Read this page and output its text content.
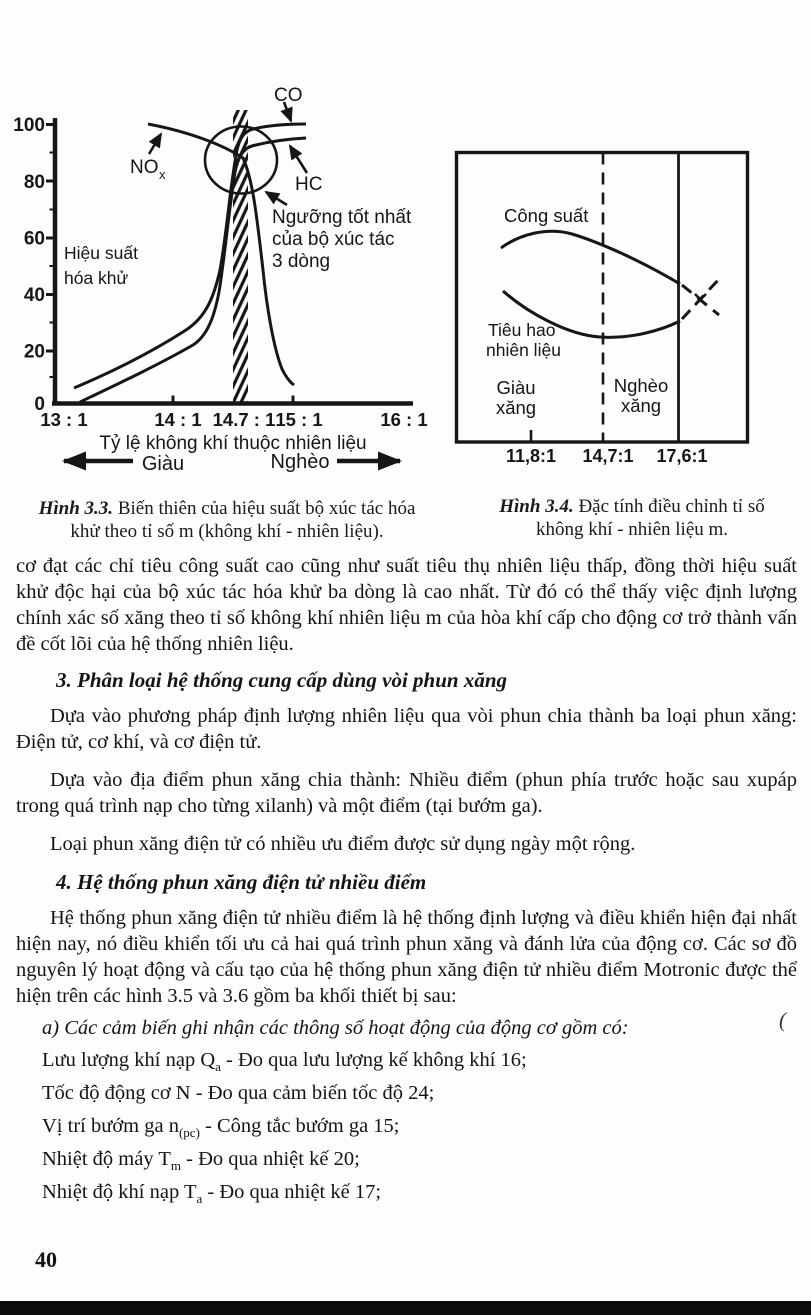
100
80
60
40
20
0
13 : 1	14 : 1 14.7 : 1 15 : 1	16 : 1
Tỷ lệ không khí thuộc nhiên liệu
Giàu	Nghèo
Hiệu suất
hóa khử
NO x
CO
HC
Ngưỡng tốt nhất
của bộ xúc tác
3 dòng
Công suất
Tiêu hao
nhiên liệu
Giàu
xăng
Nghèo
xăng
11,8:1 14,7:1 17,6:1
Hình 3.3. Biến thiên của hiệu suất bộ xúc tác hóa
khử theo tỉ số m (không khí - nhiên liệu).
Hình 3.4. Đặc tính điều chỉnh tỉ số
không khí - nhiên liệu m.
cơ đạt các chỉ tiêu công suất cao cũng như suất tiêu thụ nhiên liệu thấp, đồng thời hiệu suất khử độc hại của bộ xúc tác hóa khử ba dòng là cao nhất. Từ đó có thể thấy việc định lượng chính xác số xăng theo tỉ số không khí nhiên liệu m của hòa khí cấp cho động cơ trở thành vấn đề cốt lõi của hệ thống nhiên liệu.
3. Phân loại hệ thống cung cấp dùng vòi phun xăng
Dựa vào phương pháp định lượng nhiên liệu qua vòi phun chia thành ba loại phun xăng: Điện tử, cơ khí, và cơ điện tử.
Dựa vào địa điểm phun xăng chia thành: Nhiều điểm (phun phía trước hoặc sau xupáp trong quá trình nạp cho từng xilanh) và một điểm (tại bướm ga).
Loại phun xăng điện tử có nhiều ưu điểm được sử dụng ngày một rộng.
4. Hệ thống phun xăng điện tử nhiều điểm
Hệ thống phun xăng điện tử nhiều điểm là hệ thống định lượng và điều khiển hiện đại nhất hiện nay, nó điều khiển tối ưu cả hai quá trình phun xăng và đánh lửa của động cơ. Các sơ đồ nguyên lý hoạt động và cấu tạo của hệ thống phun xăng điện tử nhiều điểm Motronic được thể hiện trên các hình 3.5 và 3.6 gồm ba khối thiết bị sau:
a) Các cảm biến ghi nhận các thông số hoạt động của động cơ gồm có:
Lưu lượng khí nạp $Q_a$ - Đo qua lưu lượng kế không khí 16;
Tốc độ động cơ N - Đo qua cảm biến tốc độ 24;
Vị trí bướm ga $n_{(pc)}$ - Công tắc bướm ga 15;
Nhiệt độ máy $T_m$ - Đo qua nhiệt kế 20;
Nhiệt độ khí nạp $T_a$ - Đo qua nhiệt kế 17;
40
(
